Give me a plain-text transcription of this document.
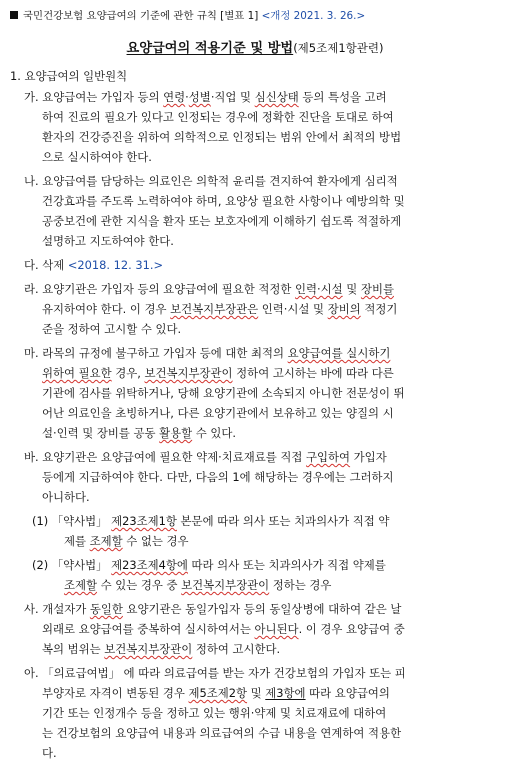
국민건강보험 요양급여의 기준에 관한 규칙 [별표 1] <개정 2021. 3. 26.>
요양급여의 적용기준 및 방법(제5조제1항관련)
1. 요양급여의 일반원칙
가. 요양급여는 가입자 등의 연령·성별·직업 및 심신상태 등의 특성을 고려
하여 진료의 필요가 있다고 인정되는 경우에 정확한 진단을 토대로 하여
환자의 건강증진을 위하여 의학적으로 인정되는 범위 안에서 최적의 방법
으로 실시하여야 한다.
나. 요양급여를 담당하는 의료인은 의학적 윤리를 견지하여 환자에게 심리적
건강효과를 주도록 노력하여야 하며, 요양상 필요한 사항이나 예방의학 및
공중보건에 관한 지식을 환자 또는 보호자에게 이해하기 쉽도록 적절하게
설명하고 지도하여야 한다.
다. 삭제 <2018. 12. 31.>
라. 요양기관은 가입자 등의 요양급여에 필요한 적정한 인력·시설 및 장비를
유지하여야 한다. 이 경우 보건복지부장관은 인력·시설 및 장비의 적정기
준을 정하여 고시할 수 있다.
마. 라목의 규정에 불구하고 가입자 등에 대한 최적의 요양급여를 실시하기
위하여 필요한 경우, 보건복지부장관이 정하여 고시하는 바에 따라 다른
기관에 검사를 위탁하거나, 당해 요양기관에 소속되지 아니한 전문성이 뛰
어난 의료인을 초빙하거나, 다른 요양기관에서 보유하고 있는 양질의 시
설·인력 및 장비를 공동 활용할 수 있다.
바. 요양기관은 요양급여에 필요한 약제·치료재료를 직접 구입하여 가입자
등에게 지급하여야 한다. 다만, 다음의 1에 해당하는 경우에는 그러하지
아니하다.
(1) 「약사법」 제23조제1항 본문에 따라 의사 또는 치과의사가 직접 약
제를 조제할 수 없는 경우
(2) 「약사법」 제23조제4항에 따라 의사 또는 치과의사가 직접 약제를
조제할 수 있는 경우 중 보건복지부장관이 정하는 경우
사. 개설자가 동일한 요양기관은 동일가입자 등의 동일상병에 대하여 같은 날
외래로 요양급여를 중복하여 실시하여서는 아니된다. 이 경우 요양급여 중
복의 범위는 보건복지부장관이 정하여 고시한다.
아. 「의료급여법」 에 따라 의료급여를 받는 자가 건강보험의 가입자 또는 피
부양자로 자격이 변동된 경우 제5조제2항 및 제3항에 따라 요양급여의
기간 또는 인정개수 등을 정하고 있는 행위·약제 및 치료재료에 대하여
는 건강보험의 요양급여 내용과 의료급여의 수급 내용을 연계하여 적용한
다.
